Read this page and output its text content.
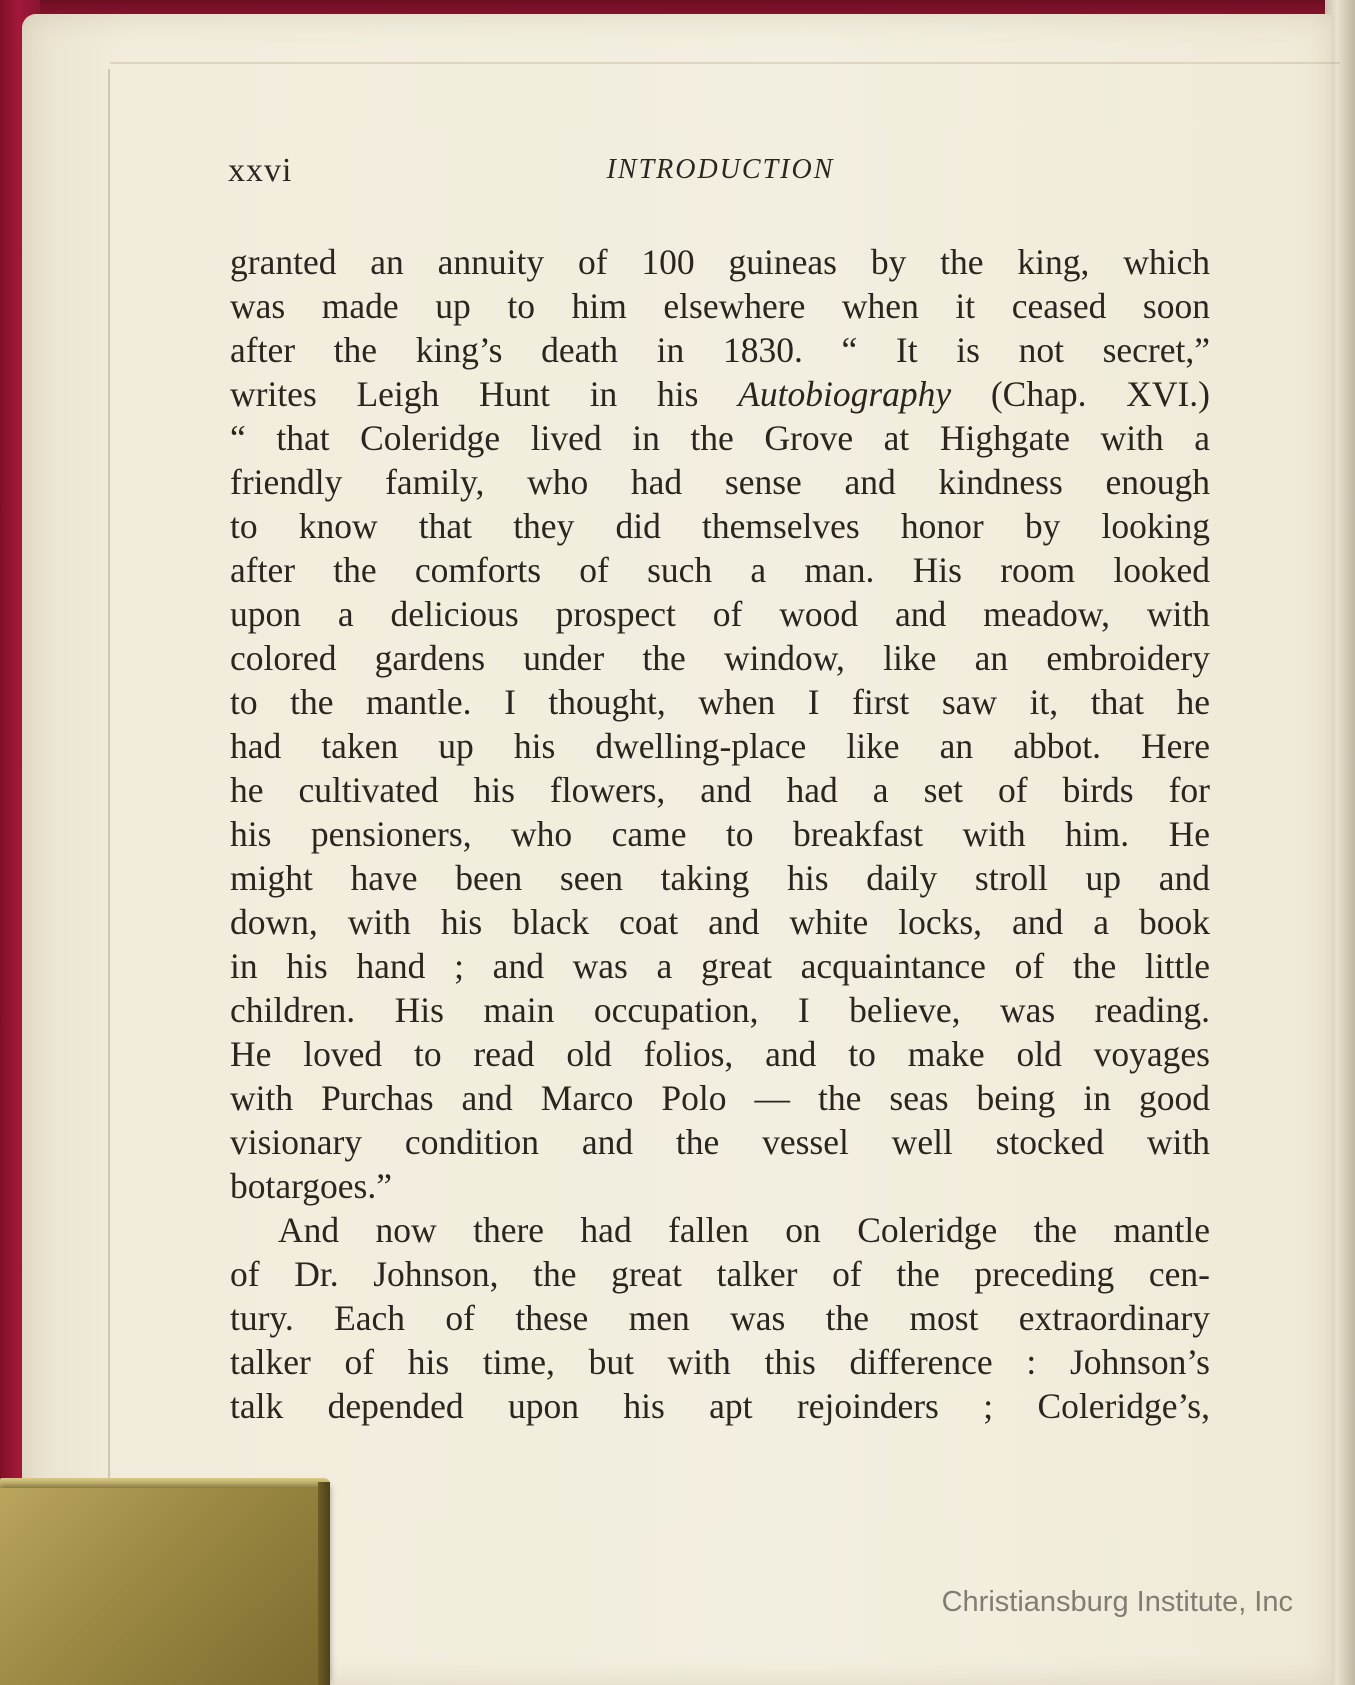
xxvi	INTRODUCTION
granted an annuity of 100 guineas by the king, which
was made up to him elsewhere when it ceased soon
after the king’s death in 1830. “ It is not secret,”
writes Leigh Hunt in his Autobiography (Chap. XVI.)
“ that Coleridge lived in the Grove at Highgate with a
friendly family, who had sense and kindness enough
to know that they did themselves honor by looking
after the comforts of such a man. His room looked
upon a delicious prospect of wood and meadow, with
colored gardens under the window, like an embroidery
to the mantle. I thought, when I first saw it, that he
had taken up his dwelling-place like an abbot. Here
he cultivated his flowers, and had a set of birds for
his pensioners, who came to breakfast with him. He
might have been seen taking his daily stroll up and
down, with his black coat and white locks, and a book
in his hand ; and was a great acquaintance of the little
children. His main occupation, I believe, was reading.
He loved to read old folios, and to make old voyages
with Purchas and Marco Polo — the seas being in good
visionary condition and the vessel well stocked with
botargoes.”
And now there had fallen on Coleridge the mantle
of Dr. Johnson, the great talker of the preceding cen-
tury. Each of these men was the most extraordinary
talker of his time, but with this difference : Johnson’s
talk depended upon his apt rejoinders ; Coleridge’s,
Christiansburg Institute, Inc
